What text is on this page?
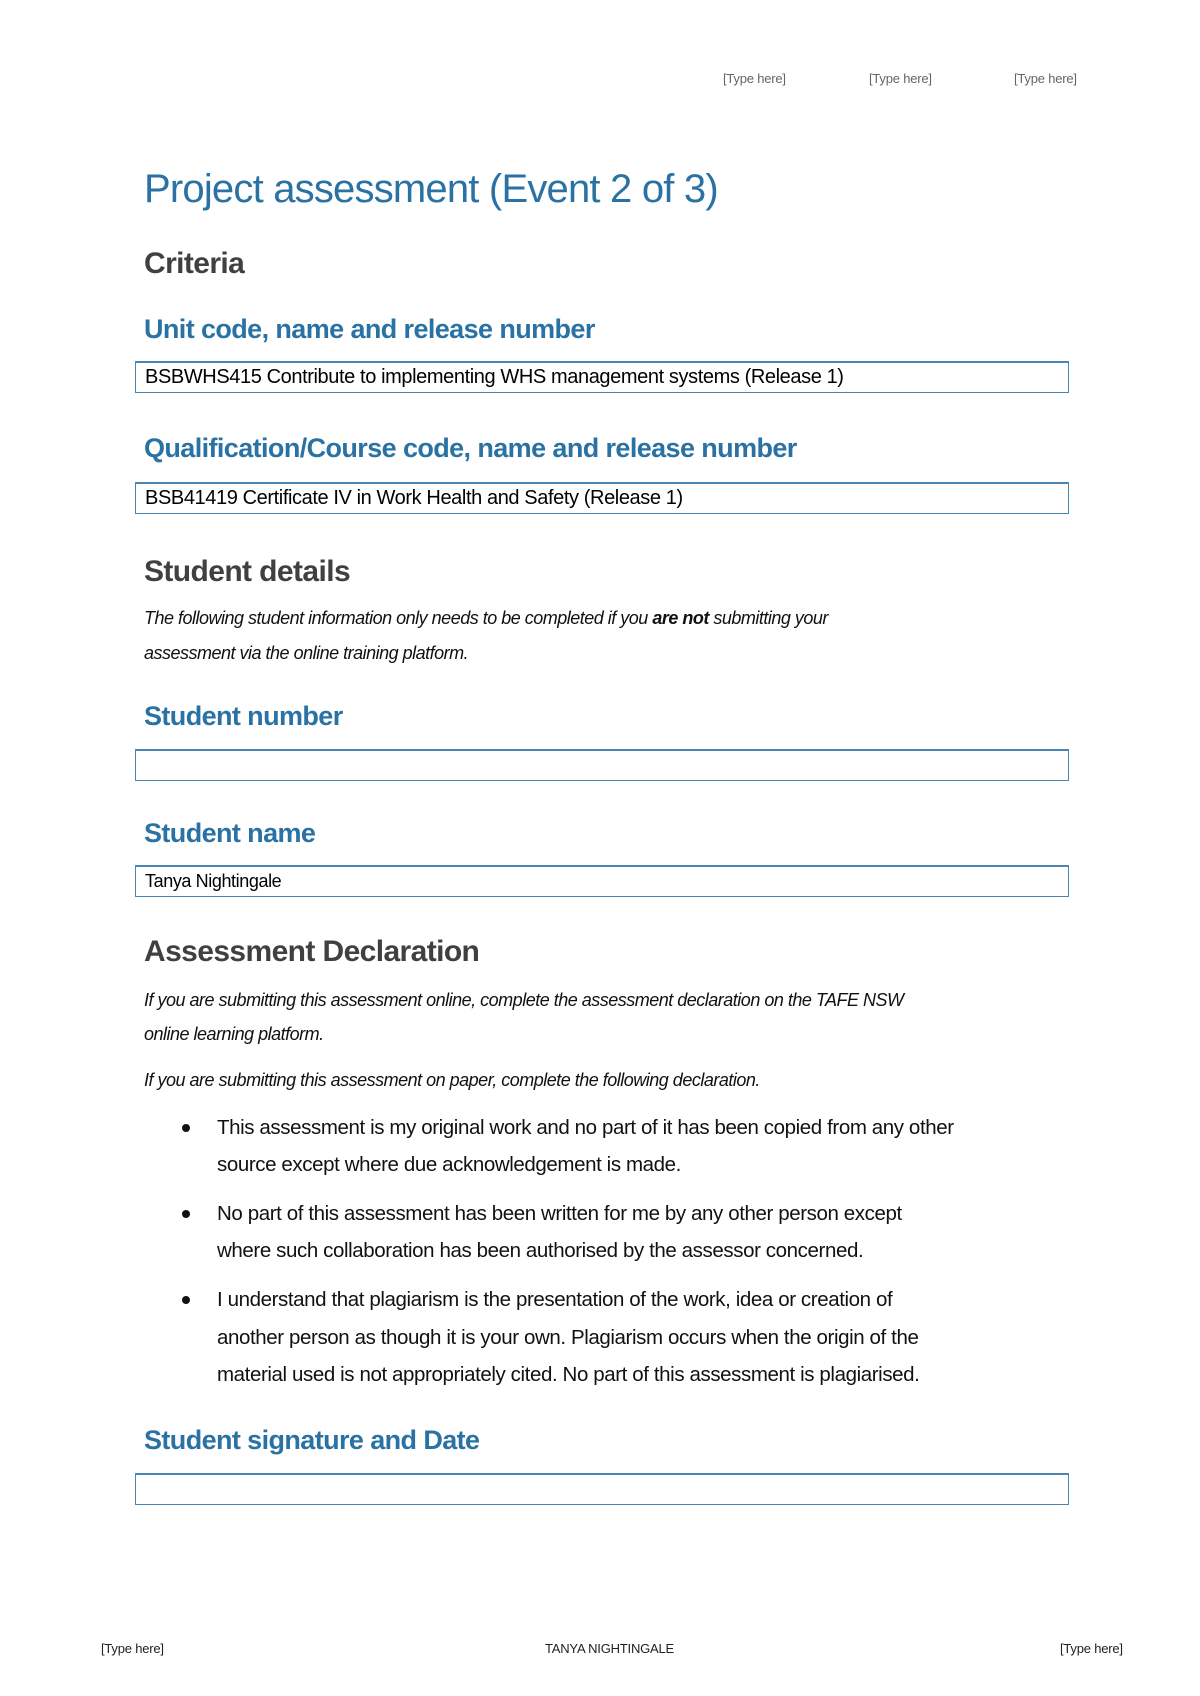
[Type here]	[Type here]	[Type here]
Project assessment (Event 2 of 3)
Criteria
Unit code, name and release number
BSBWHS415 Contribute to implementing WHS management systems (Release 1)
Qualification/Course code, name and release number
BSB41419 Certificate IV in Work Health and Safety (Release 1)
Student details
The following student information only needs to be completed if you are not submitting your
assessment via the online training platform.
Student number
Student name
Tanya Nightingale
Assessment Declaration
If you are submitting this assessment online, complete the assessment declaration on the TAFE NSW
online learning platform.
If you are submitting this assessment on paper, complete the following declaration.
This assessment is my original work and no part of it has been copied from any other
source except where due acknowledgement is made.
No part of this assessment has been written for me by any other person except
where such collaboration has been authorised by the assessor concerned.
I understand that plagiarism is the presentation of the work, idea or creation of
another person as though it is your own. Plagiarism occurs when the origin of the
material used is not appropriately cited. No part of this assessment is plagiarised.
Student signature and Date
[Type here]	TANYA NIGHTINGALE	[Type here]
